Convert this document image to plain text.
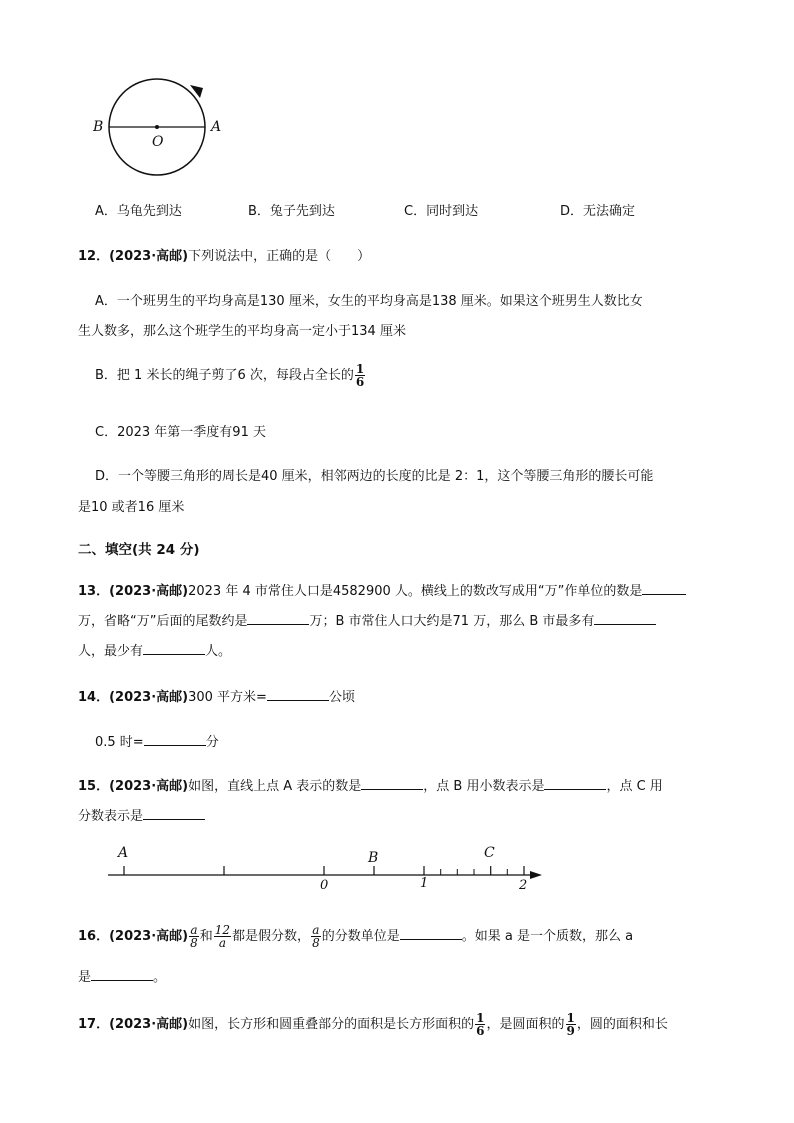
B	A
O
A．乌龟先到达	B．兔子先到达	C．同时到达	D．无法确定
12．(2023·高邮)下列说法中，正确的是（　　）
A．一个班男生的平均身高是130 厘米，女生的平均身高是138 厘米。如果这个班男生人数比女
生人数多，那么这个班学生的平均身高一定小于134 厘米
B．把 1 米长的绳子剪了6 次，每段占全长的 $\frac{1}{6}$
C．2023 年第一季度有91 天
D．一个等腰三角形的周长是40 厘米，相邻两边的长度的比是 2：1，这个等腰三角形的腰长可能
是10 或者16 厘米
二、填空(共 24 分)
13．(2023·高邮)2023 年 4 市常住人口是4582900 人。横线上的数改写成用“万”作单位的数是
万，省略“万”后面的尾数约是	万；B 市常住人口大约是71 万，那么 B 市最多有
人，最少有	人。
14．(2023·高邮)300 平方米=	公顷
0.5 时=	分
15．(2023·高邮)如图，直线上点 A 表示的数是	，点 B 用小数表示是	，点 C 用
分数表示是
A	B	C
0	1	2
16．(2023·高邮) $\frac{a}{8}$ 和 $\frac{12}{a}$ 都是假分数， $\frac{a}{8}$ 的分数单位是	。如果 a 是一个质数，那么 a
是	。
17．(2023·高邮)如图，长方形和圆重叠部分的面积是长方形面积的 $\frac{1}{6}$ ，是圆面积的 $\frac{1}{9}$ ，圆的面积和长
